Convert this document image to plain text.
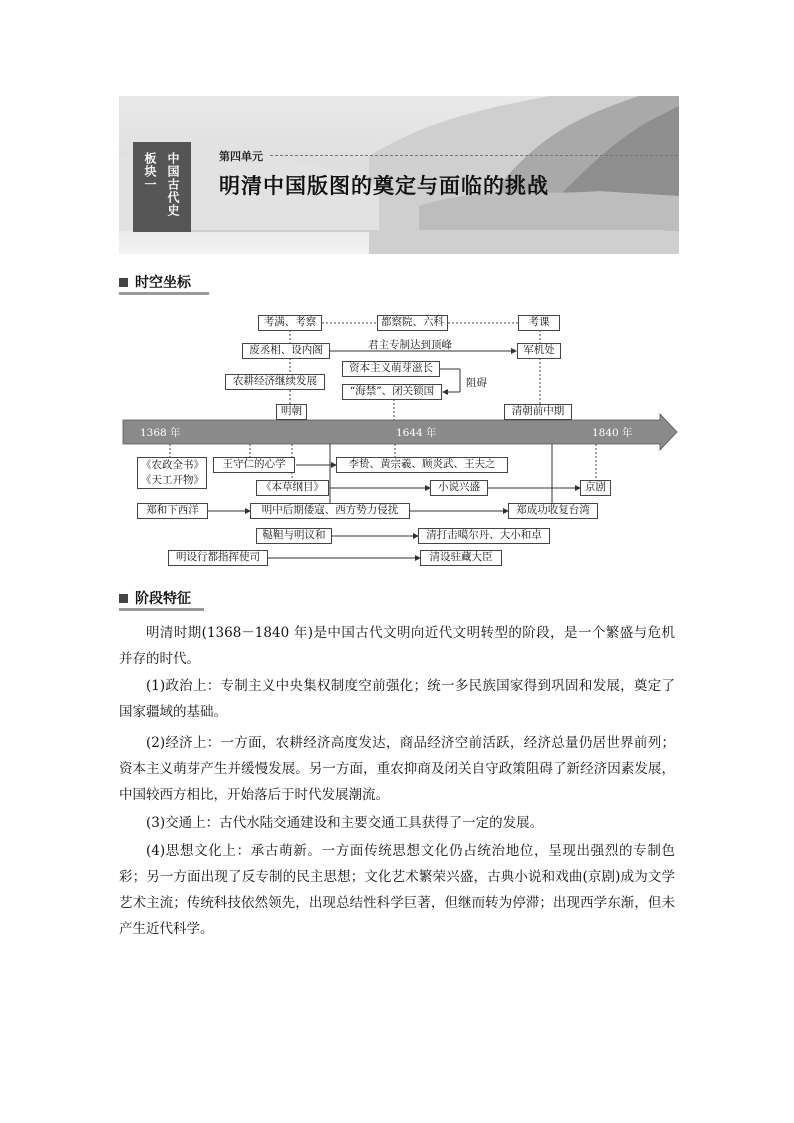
板块一 中国古代史	第四单元
明清中国版图的奠定与面临的挑战
时空坐标
考满、考察	都察院、六科	考课
废丞相、设内阁	君主专制达到顶峰	军机处
资本主义萌芽滋长
农耕经济继续发展	阻碍
“海禁”、闭关锁国
明朝	清朝前中期
1368 年	1644 年	1840 年
《农政全书》
《天工开物》
王守仁的心学	李贽、黄宗羲、顾炎武、王夫之
《本草纲目》	小说兴盛	京剧
郑和下西洋	明中后期倭寇、西方势力侵扰	郑成功收复台湾
鞑靼与明议和	清打击噶尔丹、大小和卓
明设行都指挥使司	清设驻藏大臣
阶段特征
明清时期(1368－1840 年)是中国古代文明向近代文明转型的阶段，是一个繁盛与危机并存的时代。
(1)政治上：专制主义中央集权制度空前强化；统一多民族国家得到巩固和发展，奠定了国家疆域的基础。
(2)经济上：一方面，农耕经济高度发达，商品经济空前活跃，经济总量仍居世界前列；资本主义萌芽产生并缓慢发展。另一方面，重农抑商及闭关自守政策阻碍了新经济因素发展，中国较西方相比，开始落后于时代发展潮流。
(3)交通上：古代水陆交通建设和主要交通工具获得了一定的发展。
(4)思想文化上：承古萌新。一方面传统思想文化仍占统治地位，呈现出强烈的专制色彩；另一方面出现了反专制的民主思想；文化艺术繁荣兴盛，古典小说和戏曲(京剧)成为文学艺术主流；传统科技依然领先，出现总结性科学巨著，但继而转为停滞；出现西学东渐，但未产生近代科学。
